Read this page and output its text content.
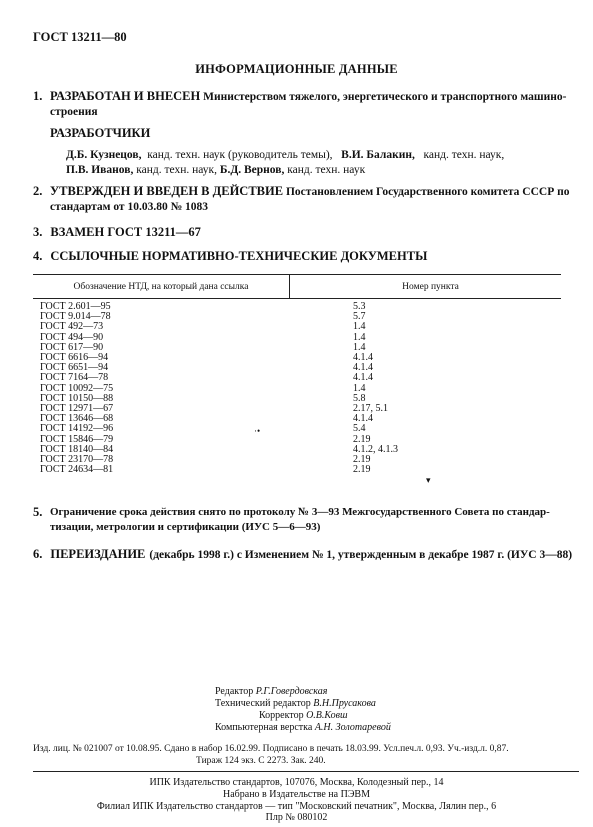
ГОСТ 13211—80
ИНФОРМАЦИОННЫЕ ДАННЫЕ
1. РАЗРАБОТАН И ВНЕСЕН Министерством тяжелого, энергетического и транспортного машино-
строения
РАЗРАБОТЧИКИ
Д.Б. Кузнецов, канд. техн. наук (руководитель темы), В.И. Балакин, канд. техн. наук,
П.В. Иванов, канд. техн. наук, Б.Д. Вернов, канд. техн. наук
2. УТВЕРЖДЕН И ВВЕДЕН В ДЕЙСТВИЕ Постановлением Государственного комитета СССР по
стандартам от 10.03.80 № 1083
3. ВЗАМЕН ГОСТ 13211—67
4. ССЫЛОЧНЫЕ НОРМАТИВНО-ТЕХНИЧЕСКИЕ ДОКУМЕНТЫ
Обозначение НТД, на который дана ссылка	Номер пункта
ГОСТ 2.601—95	5.3
ГОСТ 9.014—78	5.7
ГОСТ 492—73	1.4
ГОСТ 494—90	1.4
ГОСТ 617—90	1.4
ГОСТ 6616—94	4.1.4
ГОСТ 6651—94	4.1.4
ГОСТ 7164—78	4.1.4
ГОСТ 10092—75	1.4
ГОСТ 10150—88	5.8
ГОСТ 12971—67	2.17, 5.1
ГОСТ 13646—68	4.1.4
ГОСТ 14192—96	5.4
ГОСТ 15846—79	2.19
ГОСТ 18140—84	4.1.2, 4.1.3
ГОСТ 23170—78	2.19
ГОСТ 24634—81	2.19
·•
▾
5. Ограничение срока действия снято по протоколу № 3—93 Межгосударственного Совета по стандар-
тизации, метрологии и сертификации (ИУС 5—6—93)
6. ПЕРЕИЗДАНИЕ (декабрь 1998 г.) с Изменением № 1, утвержденным в декабре 1987 г. (ИУС 3—88)
Редактор Р.Г.Говердовская
Технический редактор В.Н.Прусакова
Корректор О.В.Ковш
Компьютерная верстка А.Н. Золотаревой
Изд. лиц. № 021007 от 10.08.95. Сдано в набор 16.02.99. Подписано в печать 18.03.99. Усл.печ.л. 0,93. Уч.-изд.л. 0,87.
Тираж 124 экз. С 2273. Зак. 240.
ИПК Издательство стандартов, 107076, Москва, Колодезный пер., 14
Набрано в Издательстве на ПЭВМ
Филиал ИПК Издательство стандартов — тип "Московский печатник", Москва, Лялин пер., 6
Плр № 080102
